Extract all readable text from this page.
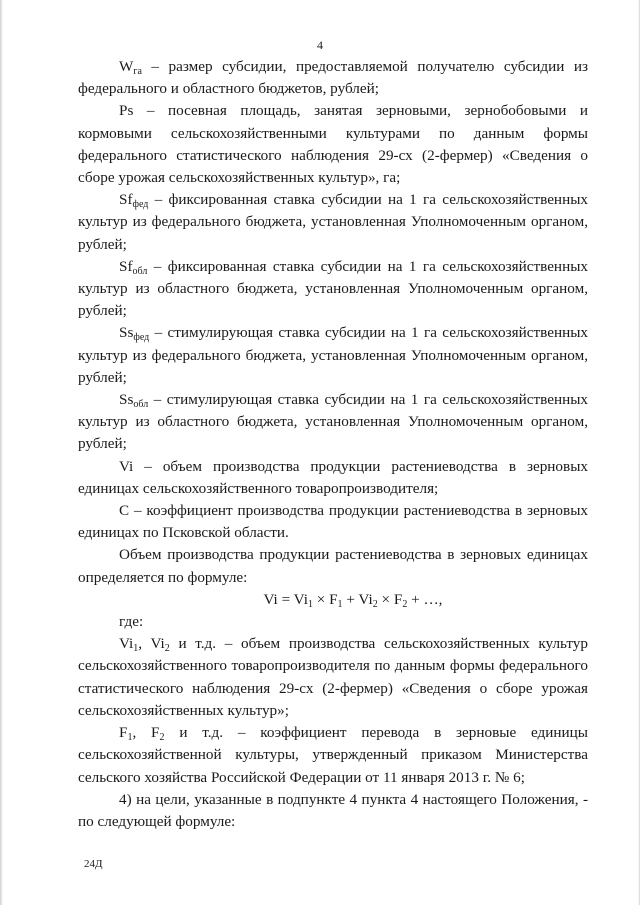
4

$W_{га}$ – размер субсидии, предоставляемой получателю субсидии из федерального и областного бюджетов, рублей;

Ps – посевная площадь, занятая зерновыми, зернобобовыми и кормовыми сельскохозяйственными культурами по данным формы федерального статистического наблюдения 29-сх (2-фермер) «Сведения о сборе урожая сельскохозяйственных культур», га;

$Sf_{фед}$ – фиксированная ставка субсидии на 1 га сельскохозяйственных культур из федерального бюджета, установленная Уполномоченным органом, рублей;

$Sf_{обл}$ – фиксированная ставка субсидии на 1 га сельскохозяйственных культур из областного бюджета, установленная Уполномоченным органом, рублей;

$Ss_{фед}$ – стимулирующая ставка субсидии на 1 га сельскохозяйственных культур из федерального бюджета, установленная Уполномоченным органом, рублей;

$Ss_{обл}$ – стимулирующая ставка субсидии на 1 га сельскохозяйственных культур из областного бюджета, установленная Уполномоченным органом, рублей;

Vi – объем производства продукции растениеводства в зерновых единицах сельскохозяйственного товаропроизводителя;

С – коэффициент производства продукции растениеводства в зерновых единицах по Псковской области.

Объем производства продукции растениеводства в зерновых единицах определяется по формуле:

$Vi = Vi_1 \times F_1 + Vi_2 \times F_2$ + …,

где:

$Vi_1$, $Vi_2$ и т.д. – объем производства сельскохозяйственных культур сельскохозяйственного товаропроизводителя по данным формы федерального статистического наблюдения 29-сх (2-фермер) «Сведения о сборе урожая сельскохозяйственных культур»;

$F_1$, $F_2$ и т.д. – коэффициент перевода в зерновые единицы сельскохозяйственной культуры, утвержденный приказом Министерства сельского хозяйства Российской Федерации от 11 января 2013 г. № 6;

4) на цели, указанные в подпункте 4 пункта 4 настоящего Положения, - по следующей формуле:

24Д
